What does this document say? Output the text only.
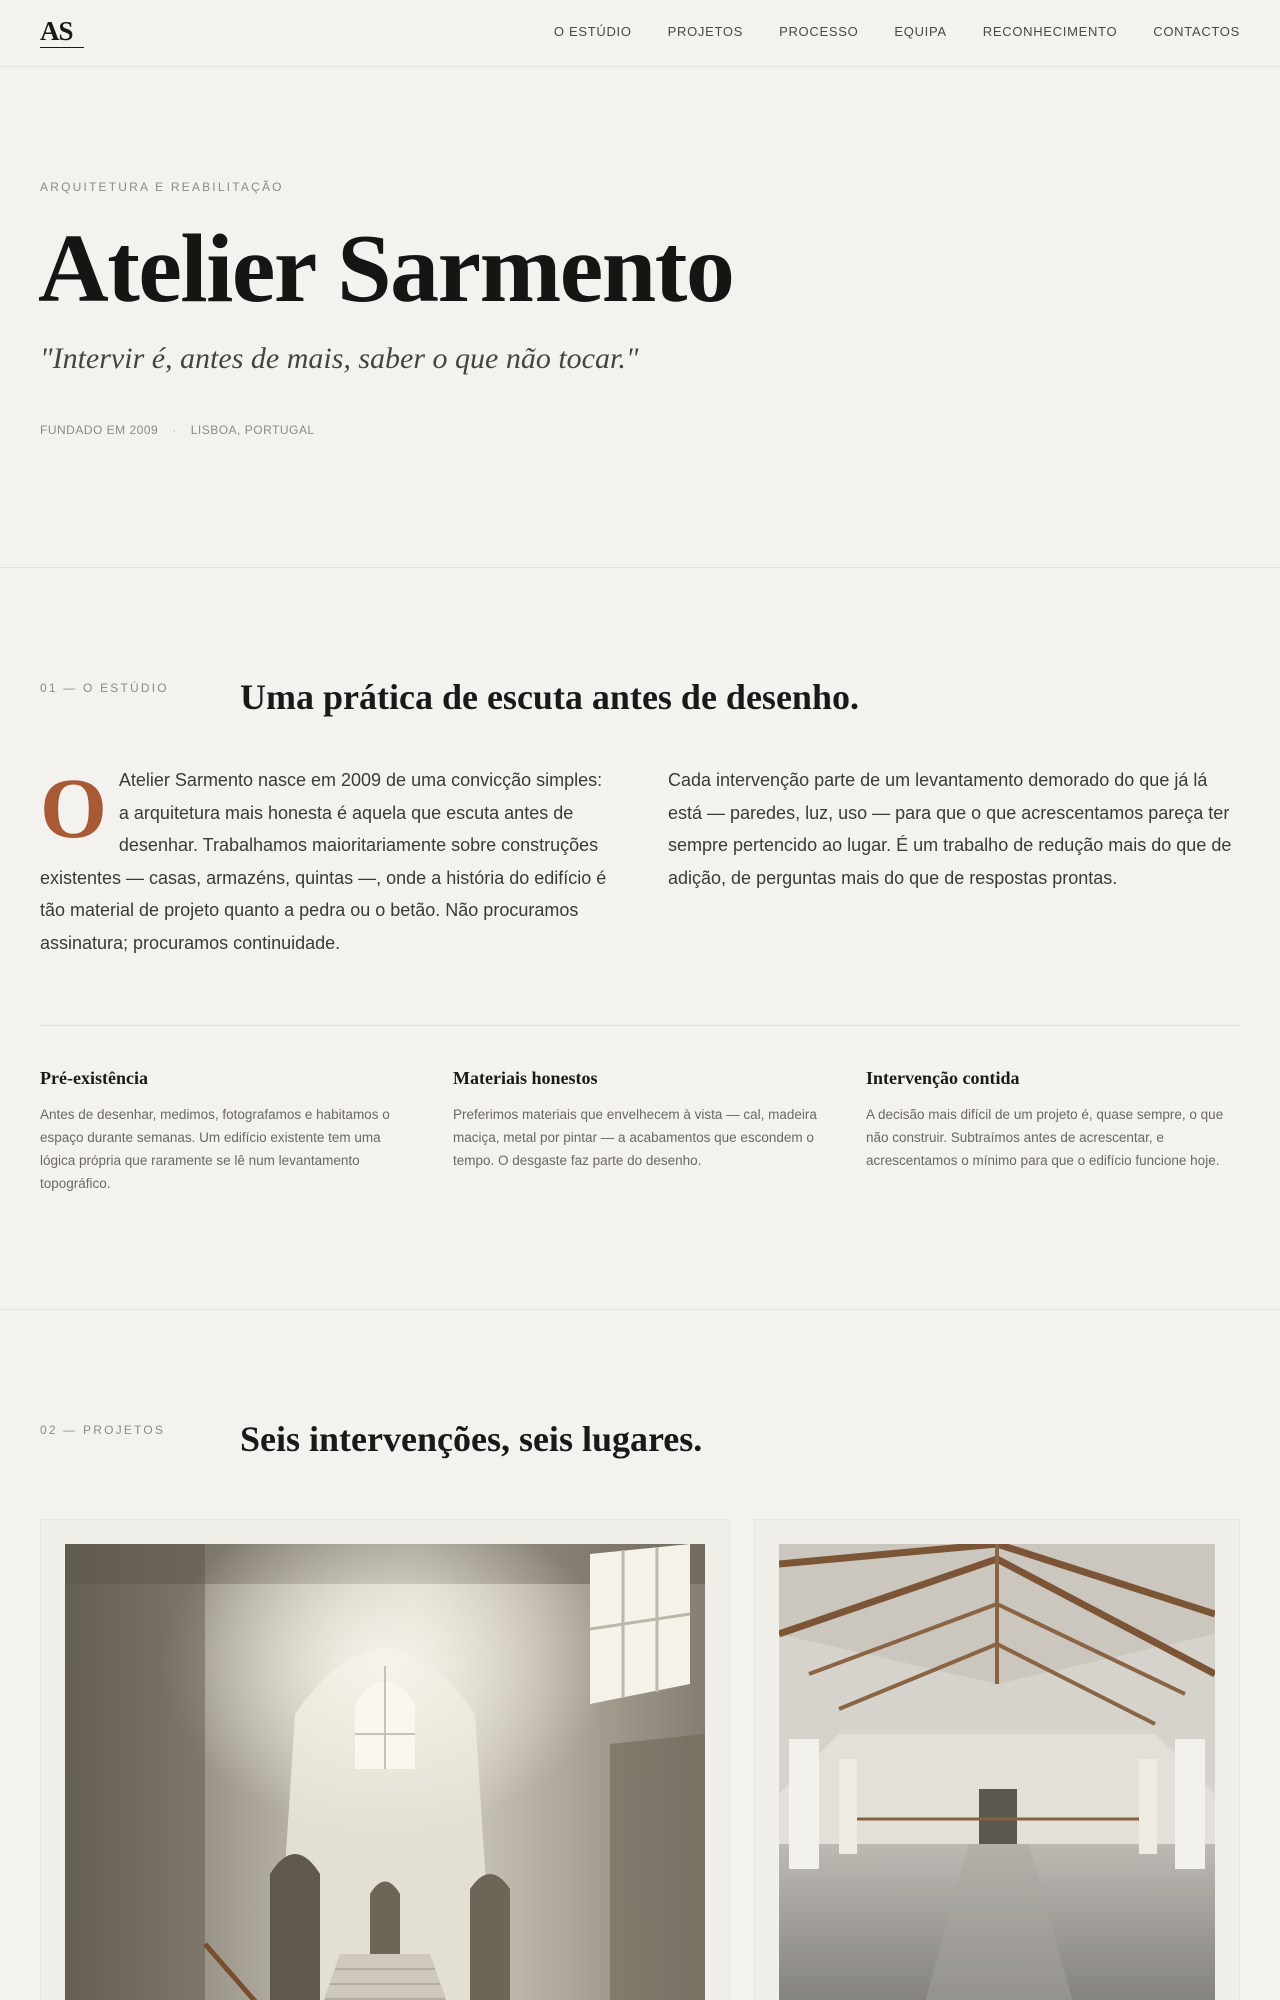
AS	O ESTÚDIO	PROJETOS	PROCESSO	EQUIPA	RECONHECIMENTO	CONTACTOS
ARQUITETURA E REABILITAÇÃO
Atelier Sarmento

"Intervir é, antes de mais, saber o que não tocar."

FUNDADO EM 2009 · LISBOA, PORTUGAL
01 — O ESTÚDIO Uma prática de escuta antes de desenho.
O Atelier Sarmento nasce em 2009 de uma convicção simples: a arquitetura mais honesta é aquela que escuta antes de desenhar. Trabalhamos maioritariamente sobre construções existentes — casas, armazéns, quintas —, onde a história do edifício é tão material de projeto quanto a pedra ou o betão. Não procuramos assinatura; procuramos continuidade.
Cada intervenção parte de um levantamento demorado do que já lá está — paredes, luz, uso — para que o que acrescentamos pareça ter sempre pertencido ao lugar. É um trabalho de redução mais do que de adição, de perguntas mais do que de respostas prontas.
Pré-existência

Antes de desenhar, medimos, fotografamos e habitamos o espaço durante semanas. Um edifício existente tem uma lógica própria que raramente se lê num levantamento topográfico.

Materiais honestos

Preferimos materiais que envelhecem à vista — cal, madeira maciça, metal por pintar — a acabamentos que escondem o tempo. O desgaste faz parte do desenho.

Intervenção contida

A decisão mais difícil de um projeto é, quase sempre, o que não construir. Subtraímos antes de acrescentar, e acrescentamos o mínimo para que o edifício funcione hoje.

02 — PROJETOS Seis intervenções, seis lugares.
